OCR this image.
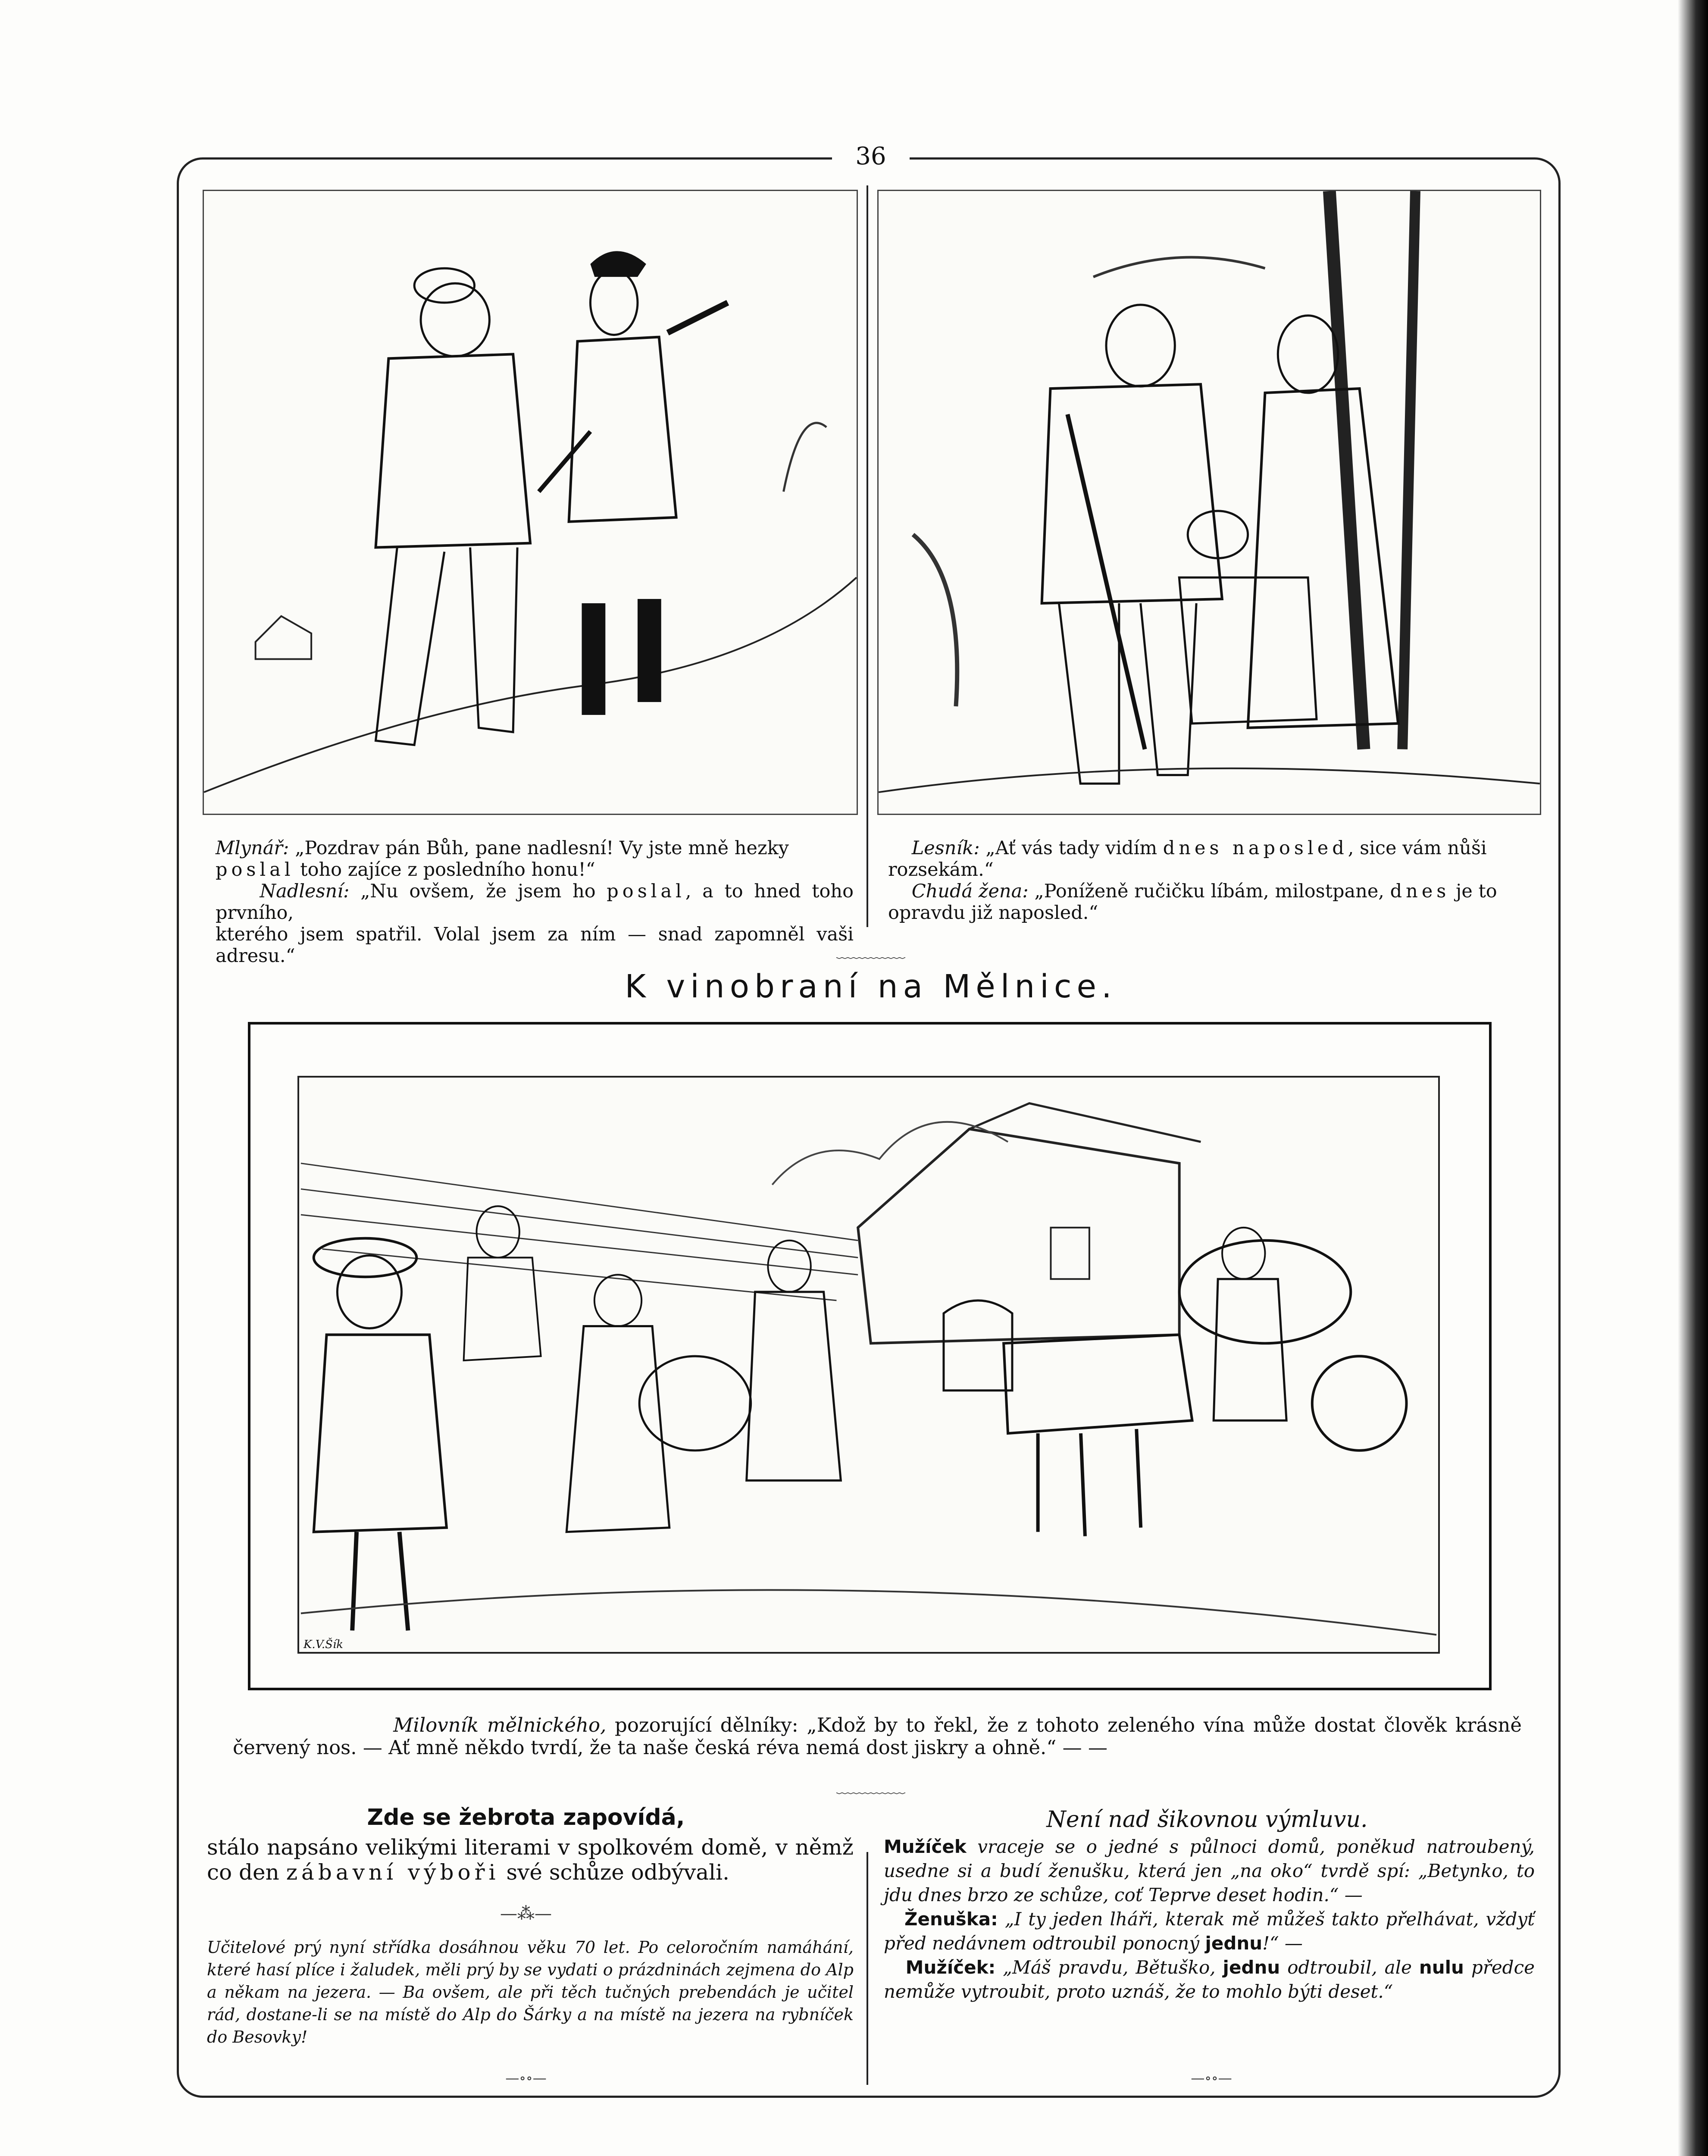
36
Mlynář: „Pozdrav pán Bůh, pane nadlesní! Vy jste mně hezky
poslal toho zajíce z posledního honu!“
Nadlesní: „Nu ovšem, že jsem ho poslal, a to hned toho prvního,
kterého jsem spatřil. Volal jsem za ním — snad zapomněl vaši adresu.“
Lesník: „Ať vás tady vidím dnes naposled, sice vám nůši
rozsekám.“
Chudá žena: „Poníženě ručičku líbám, milostpane, dnes je to
opravdu již naposled.“
﹏﹏﹏﹏
K vinobraní na Mělnice.
K.V.Šík
Milovník mělnického, pozorující dělníky: „Kdož by to řekl, že z tohoto zeleného vína může dostat člověk krásně červený nos. — Ať mně někdo tvrdí, že ta naše česká réva nemá dost jiskry a ohně.“ — —
﹏﹏﹏﹏
Zde se žebrota zapovídá,
stálo napsáno velikými literami v spolkovém domě, v němž co den zábavní výboři své schůze odbývali.
—⁂—
Učitelové prý nyní střídka dosáhnou věku 70 let. Po celoročním namáhání, které hasí plíce i žaludek, měli prý by se vydati o prázdninách zejmena do Alp a někam na jezera. — Ba ovšem, ale při těch tučných prebendách je učitel rád, dostane-li se na místě do Alp do Šárky a na místě na jezera na rybníček do Besovky!
—∘∘—
Není nad šikovnou výmluvu.
Mužíček vraceje se o jedné s půlnoci domů, poněkud natroubený, usedne si a budí ženušku, která jen „na oko“ tvrdě spí: „Betynko, to jdu dnes brzo ze schůze, coť Teprve deset hodin.“ —
Ženuška: „I ty jeden lháři, kterak mě můžeš takto přelhávat, vždyť před nedávnem odtroubil ponocný jednu!“ —
Mužíček: „Máš pravdu, Bětuško, jednu odtroubil, ale nulu předce nemůže vytroubit, proto uznáš, že to mohlo býti deset.“
—∘∘—
